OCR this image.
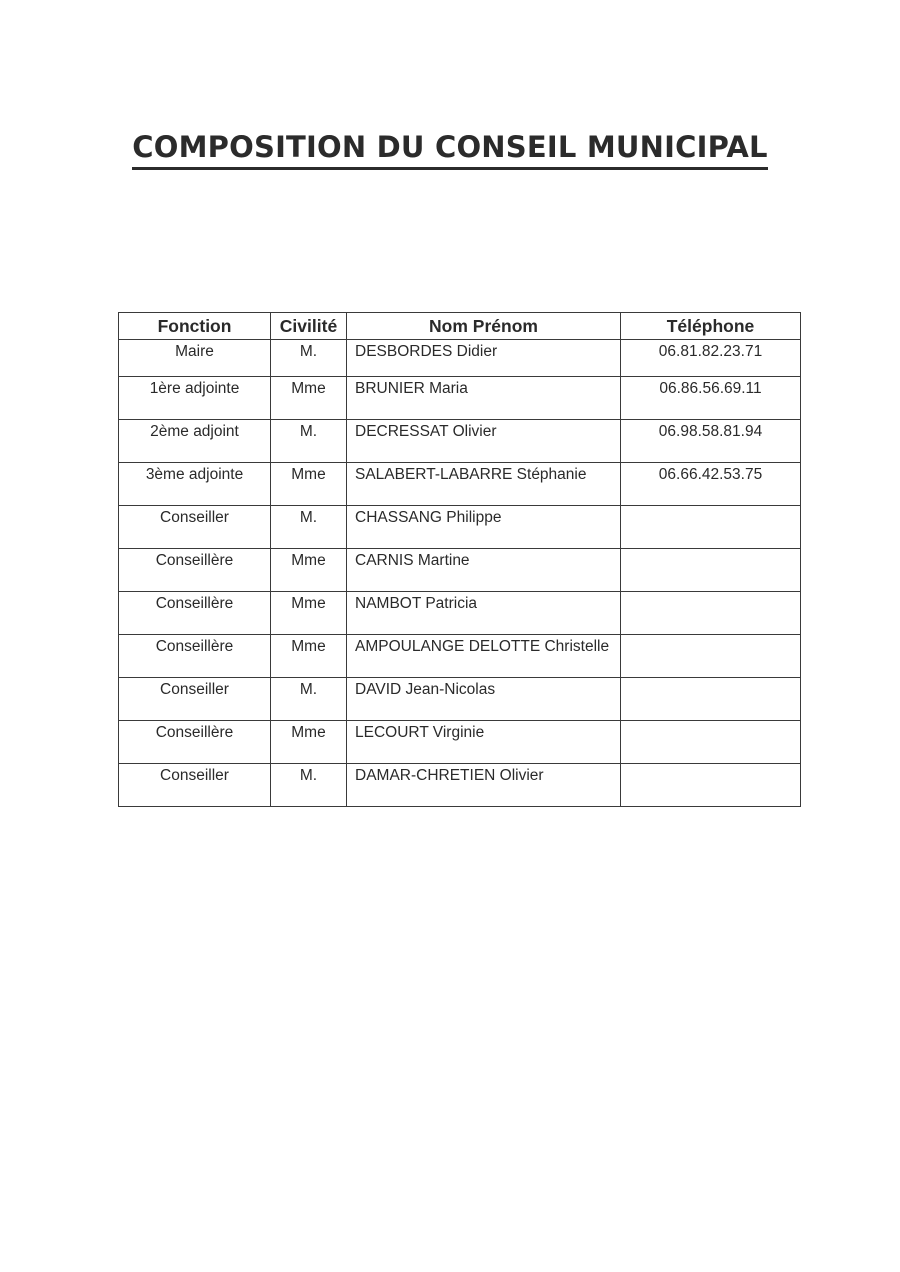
COMPOSITION DU CONSEIL MUNICIPAL
Fonction	Civilité	Nom Prénom	Téléphone
Maire	M.	DESBORDES Didier	06.81.82.23.71
1ère adjointe	Mme	BRUNIER Maria	06.86.56.69.11
2ème adjoint	M.	DECRESSAT Olivier	06.98.58.81.94
3ème adjointe	Mme	SALABERT-LABARRE Stéphanie	06.66.42.53.75
Conseiller	M.	CHASSANG Philippe	
Conseillère	Mme	CARNIS Martine	
Conseillère	Mme	NAMBOT Patricia	
Conseillère	Mme	AMPOULANGE DELOTTE Christelle	
Conseiller	M.	DAVID Jean-Nicolas	
Conseillère	Mme	LECOURT Virginie	
Conseiller	M.	DAMAR-CHRETIEN Olivier	
